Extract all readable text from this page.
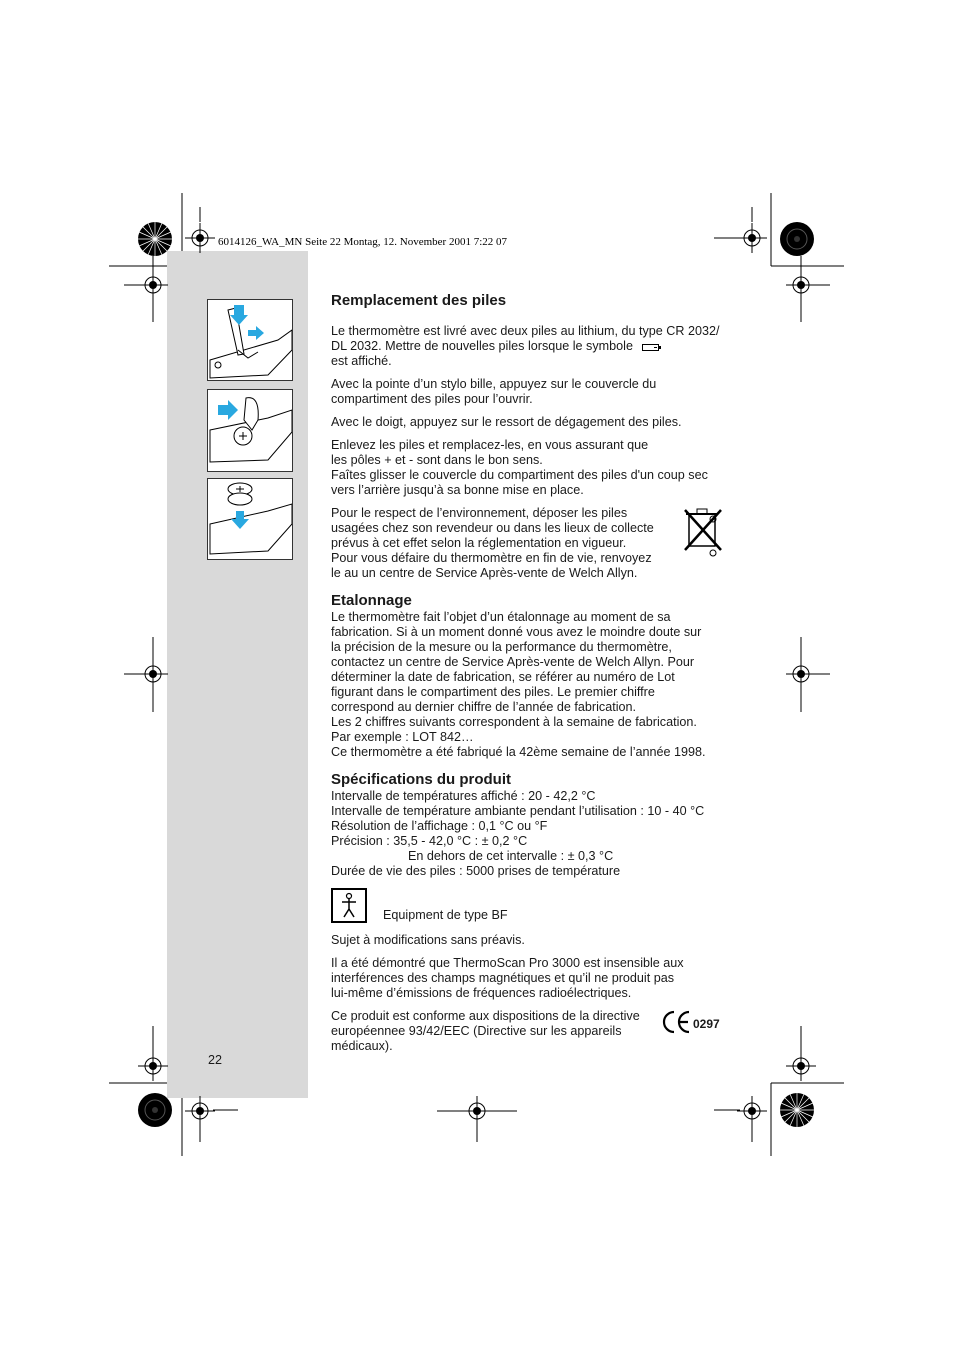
6014126_WA_MN Seite 22 Montag, 12. November 2001 7:22 07
Remplacement des piles

Le thermomètre est livré avec deux piles au lithium, du type CR 2032/
DL 2032. Mettre de nouvelles piles lorsque le symbole
est affiché.

Avec la pointe d’un stylo bille, appuyez sur le couvercle du
compartiment des piles pour l’ouvrir.

Avec le doigt, appuyez sur le ressort de dégagement des piles.

Enlevez les piles et remplacez-les, en vous assurant que
les pôles + et - sont dans le bon sens.
Faîtes glisser le couvercle du compartiment des piles d'un coup sec
vers l’arrière jusqu’à sa bonne mise en place.

Pour le respect de l’environnement, déposer les piles
usagées chez son revendeur ou dans les lieux de collecte
prévus à cet effet selon la réglementation en vigueur.
Pour vous défaire du thermomètre en fin de vie, renvoyez
le au un centre de Service Après-vente de Welch Allyn.

Etalonnage

Le thermomètre fait l’objet d’un étalonnage au moment de sa
fabrication. Si à un moment donné vous avez le moindre doute sur
la précision de la mesure ou la performance du thermomètre,
contactez un centre de Service Après-vente de Welch Allyn. Pour
déterminer la date de fabrication, se référer au numéro de Lot
figurant dans le compartiment des piles. Le premier chiffre
correspond au dernier chiffre de l’année de fabrication.
Les 2 chiffres suivants correspondent à la semaine de fabrication.
Par exemple : LOT 842…
Ce thermomètre a été fabriqué la 42ème semaine de l’année 1998.

Spécifications du produit

Intervalle de températures affiché : 20 - 42,2 °C
Intervalle de température ambiante pendant l’utilisation : 10 - 40 °C
Résolution de l’affichage : 0,1 °C ou °F
Précision : 35,5 - 42,0 °C : ± 0,2 °C
En dehors de cet intervalle : ± 0,3 °C
Durée de vie des piles : 5000 prises de température

Equipment de type BF

Sujet à modifications sans préavis.

Il a été démontré que ThermoScan Pro 3000 est insensible aux
interférences des champs magnétiques et qu’il ne produit pas
lui-même d’émissions de fréquences radioélectriques.

Ce produit est conforme aux dispositions de la directive
européennee 93/42/EEC (Directive sur les appareils
médicaux).

0297
22
